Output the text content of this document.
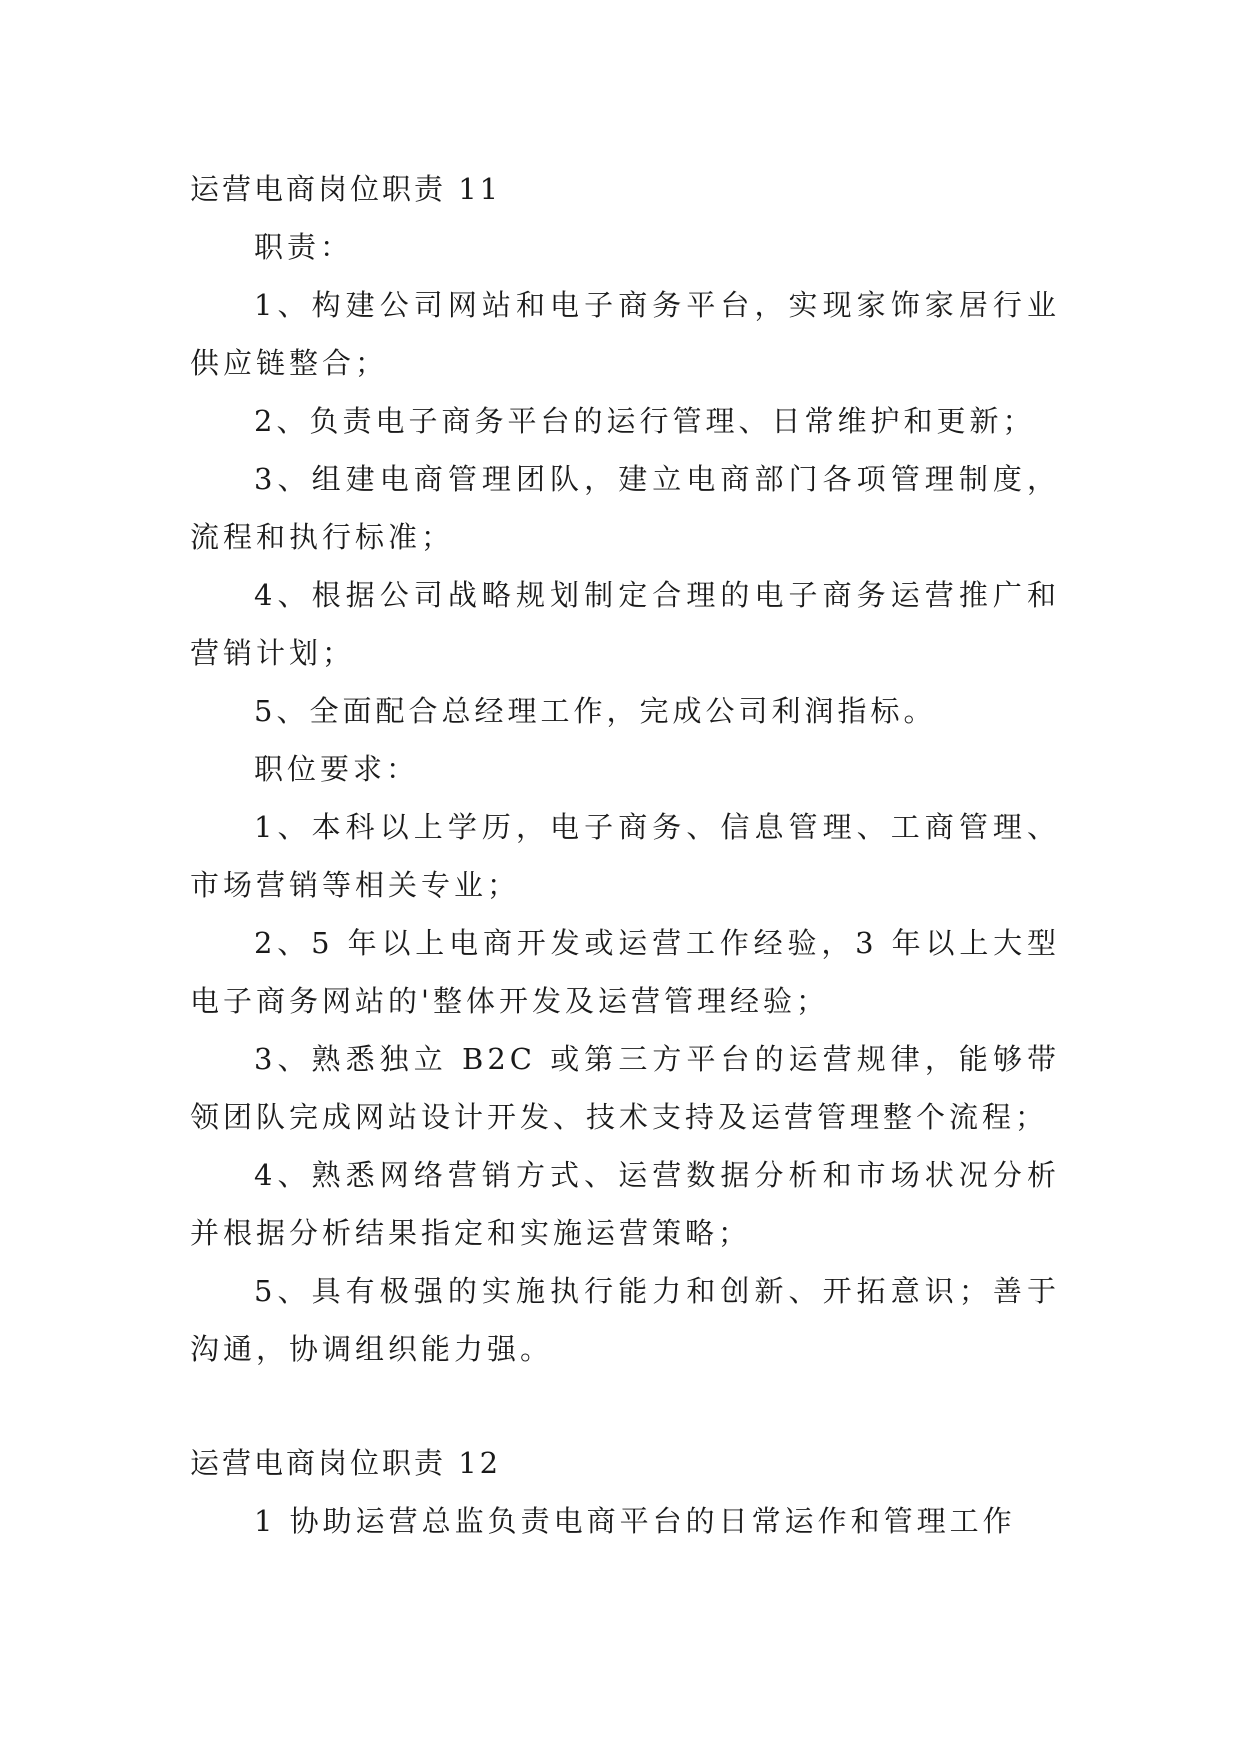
运营电商岗位职责 11

职责：

1、构建公司网站和电子商务平台，实现家饰家居行业供应链整合；

2、负责电子商务平台的运行管理、日常维护和更新；

3、组建电商管理团队，建立电商部门各项管理制度，流程和执行标准；

4、根据公司战略规划制定合理的电子商务运营推广和营销计划；

5、全面配合总经理工作，完成公司利润指标。

职位要求：

1、本科以上学历，电子商务、信息管理、工商管理、市场营销等相关专业；

2、5 年以上电商开发或运营工作经验，3 年以上大型电子商务网站的'整体开发及运营管理经验；

3、熟悉独立 B2C 或第三方平台的运营规律，能够带领团队完成网站设计开发、技术支持及运营管理整个流程；

4、熟悉网络营销方式、运营数据分析和市场状况分析并根据分析结果指定和实施运营策略；

5、具有极强的实施执行能力和创新、开拓意识；善于沟通，协调组织能力强。

运营电商岗位职责 12

1 协助运营总监负责电商平台的日常运作和管理工作
